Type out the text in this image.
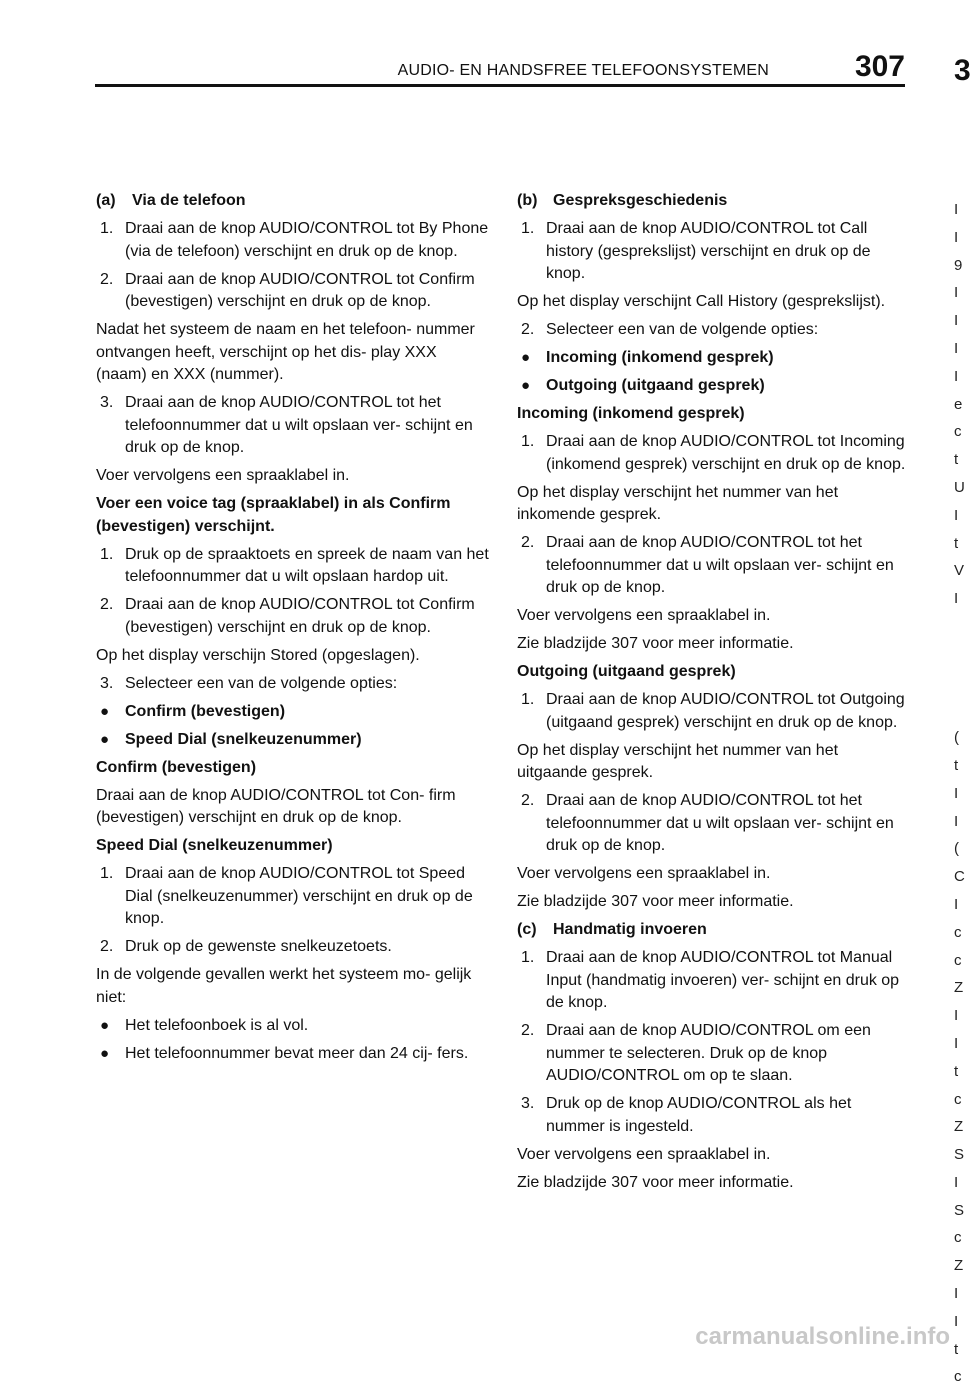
AUDIO- EN HANDSFREE TELEFOONSYSTEMEN	307 3
(a)	Via de telefoon
1. Draai aan de knop AUDIO/CONTROL tot By Phone (via de telefoon) verschijnt en druk op de knop.
2. Draai aan de knop AUDIO/CONTROL tot Confirm (bevestigen) verschijnt en druk op de knop.
Nadat het systeem de naam en het telefoon- nummer ontvangen heeft, verschijnt op het dis- play XXX (naam) en XXX (nummer).
3. Draai aan de knop AUDIO/CONTROL tot het telefoonnummer dat u wilt opslaan ver- schijnt en druk op de knop.
Voer vervolgens een spraaklabel in.
Voer een voice tag (spraaklabel) in als Confirm (bevestigen) verschijnt.
1. Druk op de spraaktoets en spreek de naam van het telefoonnummer dat u wilt opslaan hardop uit.
2. Draai aan de knop AUDIO/CONTROL tot Confirm (bevestigen) verschijnt en druk op de knop.
Op het display verschijn Stored (opgeslagen).
3. Selecteer een van de volgende opties:
● Confirm (bevestigen)
● Speed Dial (snelkeuzenummer)
Confirm (bevestigen)
Draai aan de knop AUDIO/CONTROL tot Con- firm (bevestigen) verschijnt en druk op de knop.
Speed Dial (snelkeuzenummer)
1. Draai aan de knop AUDIO/CONTROL tot Speed Dial (snelkeuzenummer) verschijnt en druk op de knop.
2. Druk op de gewenste snelkeuzetoets.
In de volgende gevallen werkt het systeem mo- gelijk niet:
● Het telefoonboek is al vol.
● Het telefoonnummer bevat meer dan 24 cij- fers.
(b) Gespreksgeschiedenis
1. Draai aan de knop AUDIO/CONTROL tot Call history (gesprekslijst) verschijnt en druk op de knop.
Op het display verschijnt Call History (gesprekslijst).
2. Selecteer een van de volgende opties:
● Incoming (inkomend gesprek)
● Outgoing (uitgaand gesprek)
Incoming (inkomend gesprek)
1. Draai aan de knop AUDIO/CONTROL tot Incoming (inkomend gesprek) verschijnt en druk op de knop.
Op het display verschijnt het nummer van het inkomende gesprek.
2. Draai aan de knop AUDIO/CONTROL tot het telefoonnummer dat u wilt opslaan ver- schijnt en druk op de knop.
Voer vervolgens een spraaklabel in.
Zie bladzijde 307 voor meer informatie.
Outgoing (uitgaand gesprek)
1. Draai aan de knop AUDIO/CONTROL tot Outgoing (uitgaand gesprek) verschijnt en druk op de knop.
Op het display verschijnt het nummer van het uitgaande gesprek.
2. Draai aan de knop AUDIO/CONTROL tot het telefoonnummer dat u wilt opslaan ver- schijnt en druk op de knop.
Voer vervolgens een spraaklabel in.
Zie bladzijde 307 voor meer informatie.
(c)	Handmatig invoeren
1. Draai aan de knop AUDIO/CONTROL tot Manual Input (handmatig invoeren) ver- schijnt en druk op de knop.
2. Draai aan de knop AUDIO/CONTROL om een nummer te selecteren. Druk op de knop AUDIO/CONTROL om op te slaan.
3. Druk op de knop AUDIO/CONTROL als het nummer is ingesteld.
Voer vervolgens een spraaklabel in.
Zie bladzijde 307 voor meer informatie.
I
I
9
I
I
I
I
e
c
t
U
I
t
V
I
(
t
I
I
(
C
I
c
c
Z
I
I
t
c
Z
S
I
S
c
Z
I
I
t
c
carmanualsonline.info
